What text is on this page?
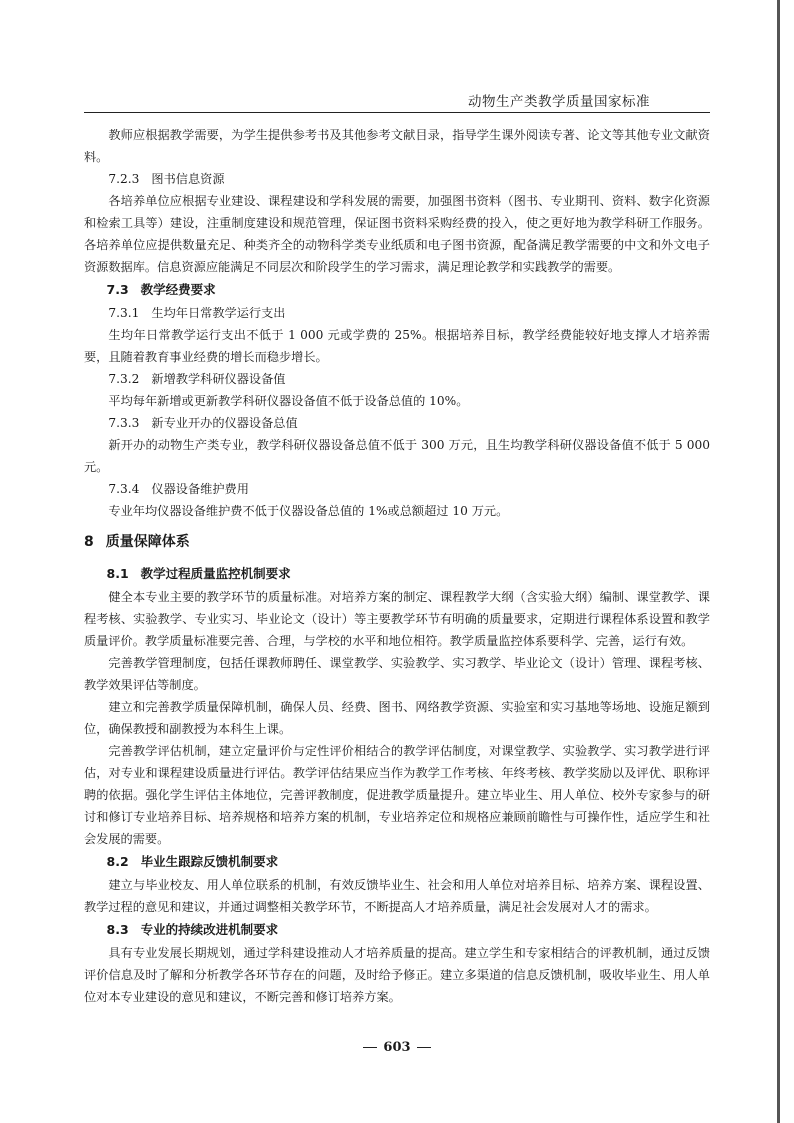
动物生产类教学质量国家标准
教师应根据教学需要，为学生提供参考书及其他参考文献目录，指导学生课外阅读专著、论文等其他专业文献资料。
7.2.3 图书信息资源
各培养单位应根据专业建设、课程建设和学科发展的需要，加强图书资料（图书、专业期刊、资料、数字化资源和检索工具等）建设，注重制度建设和规范管理，保证图书资料采购经费的投入，使之更好地为教学科研工作服务。各培养单位应提供数量充足、种类齐全的动物科学类专业纸质和电子图书资源，配备满足教学需要的中文和外文电子资源数据库。信息资源应能满足不同层次和阶段学生的学习需求，满足理论教学和实践教学的需要。
7.3 教学经费要求
7.3.1 生均年日常教学运行支出
生均年日常教学运行支出不低于 1 000 元或学费的 25%。根据培养目标，教学经费能较好地支撑人才培养需要，且随着教育事业经费的增长而稳步增长。
7.3.2 新增教学科研仪器设备值
平均每年新增或更新教学科研仪器设备值不低于设备总值的 10%。
7.3.3 新专业开办的仪器设备总值
新开办的动物生产类专业，教学科研仪器设备总值不低于 300 万元，且生均教学科研仪器设备值不低于 5 000 元。
7.3.4 仪器设备维护费用
专业年均仪器设备维护费不低于仪器设备总值的 1%或总额超过 10 万元。
8 质量保障体系
8.1 教学过程质量监控机制要求
健全本专业主要的教学环节的质量标准。对培养方案的制定、课程教学大纲（含实验大纲）编制、课堂教学、课程考核、实验教学、专业实习、毕业论文（设计）等主要教学环节有明确的质量要求，定期进行课程体系设置和教学质量评价。教学质量标准要完善、合理，与学校的水平和地位相符。教学质量监控体系要科学、完善，运行有效。
完善教学管理制度，包括任课教师聘任、课堂教学、实验教学、实习教学、毕业论文（设计）管理、课程考核、教学效果评估等制度。
建立和完善教学质量保障机制，确保人员、经费、图书、网络教学资源、实验室和实习基地等场地、设施足额到位，确保教授和副教授为本科生上课。
完善教学评估机制，建立定量评价与定性评价相结合的教学评估制度，对课堂教学、实验教学、实习教学进行评估，对专业和课程建设质量进行评估。教学评估结果应当作为教学工作考核、年终考核、教学奖励以及评优、职称评聘的依据。强化学生评估主体地位，完善评教制度，促进教学质量提升。建立毕业生、用人单位、校外专家参与的研讨和修订专业培养目标、培养规格和培养方案的机制，专业培养定位和规格应兼顾前瞻性与可操作性，适应学生和社会发展的需要。
8.2 毕业生跟踪反馈机制要求
建立与毕业校友、用人单位联系的机制，有效反馈毕业生、社会和用人单位对培养目标、培养方案、课程设置、教学过程的意见和建议，并通过调整相关教学环节，不断提高人才培养质量，满足社会发展对人才的需求。
8.3 专业的持续改进机制要求
具有专业发展长期规划，通过学科建设推动人才培养质量的提高。建立学生和专家相结合的评教机制，通过反馈评价信息及时了解和分析教学各环节存在的问题，及时给予修正。建立多渠道的信息反馈机制，吸收毕业生、用人单位对本专业建设的意见和建议，不断完善和修订培养方案。
603
